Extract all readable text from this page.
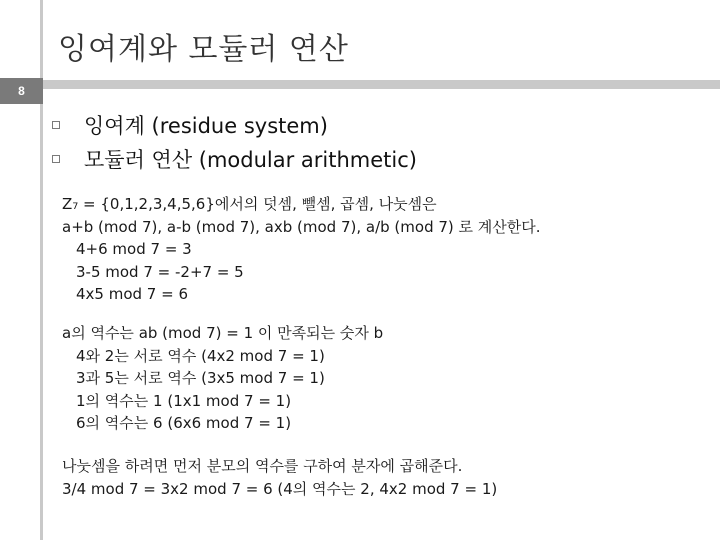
8
잉여계와 모듈러 연산
잉여계 (residue system)
모듈러 연산 (modular arithmetic)
Z₇ = {0,1,2,3,4,5,6}에서의 덧셈, 뺄셈, 곱셈, 나눗셈은
a+b (mod 7), a-b (mod 7), axb (mod 7), a/b (mod 7) 로 계산한다.
4+6 mod 7 = 3
3-5 mod 7 = -2+7 = 5
4x5 mod 7 = 6
a의 역수는 ab (mod 7) = 1 이 만족되는 숫자 b
4와 2는 서로 역수 (4x2 mod 7 = 1)
3과 5는 서로 역수 (3x5 mod 7 = 1)
1의 역수는 1 (1x1 mod 7 = 1)
6의 역수는 6 (6x6 mod 7 = 1)
나눗셈을 하려면 먼저 분모의 역수를 구하여 분자에 곱해준다.
3/4 mod 7 = 3x2 mod 7 = 6 (4의 역수는 2, 4x2 mod 7 = 1)
